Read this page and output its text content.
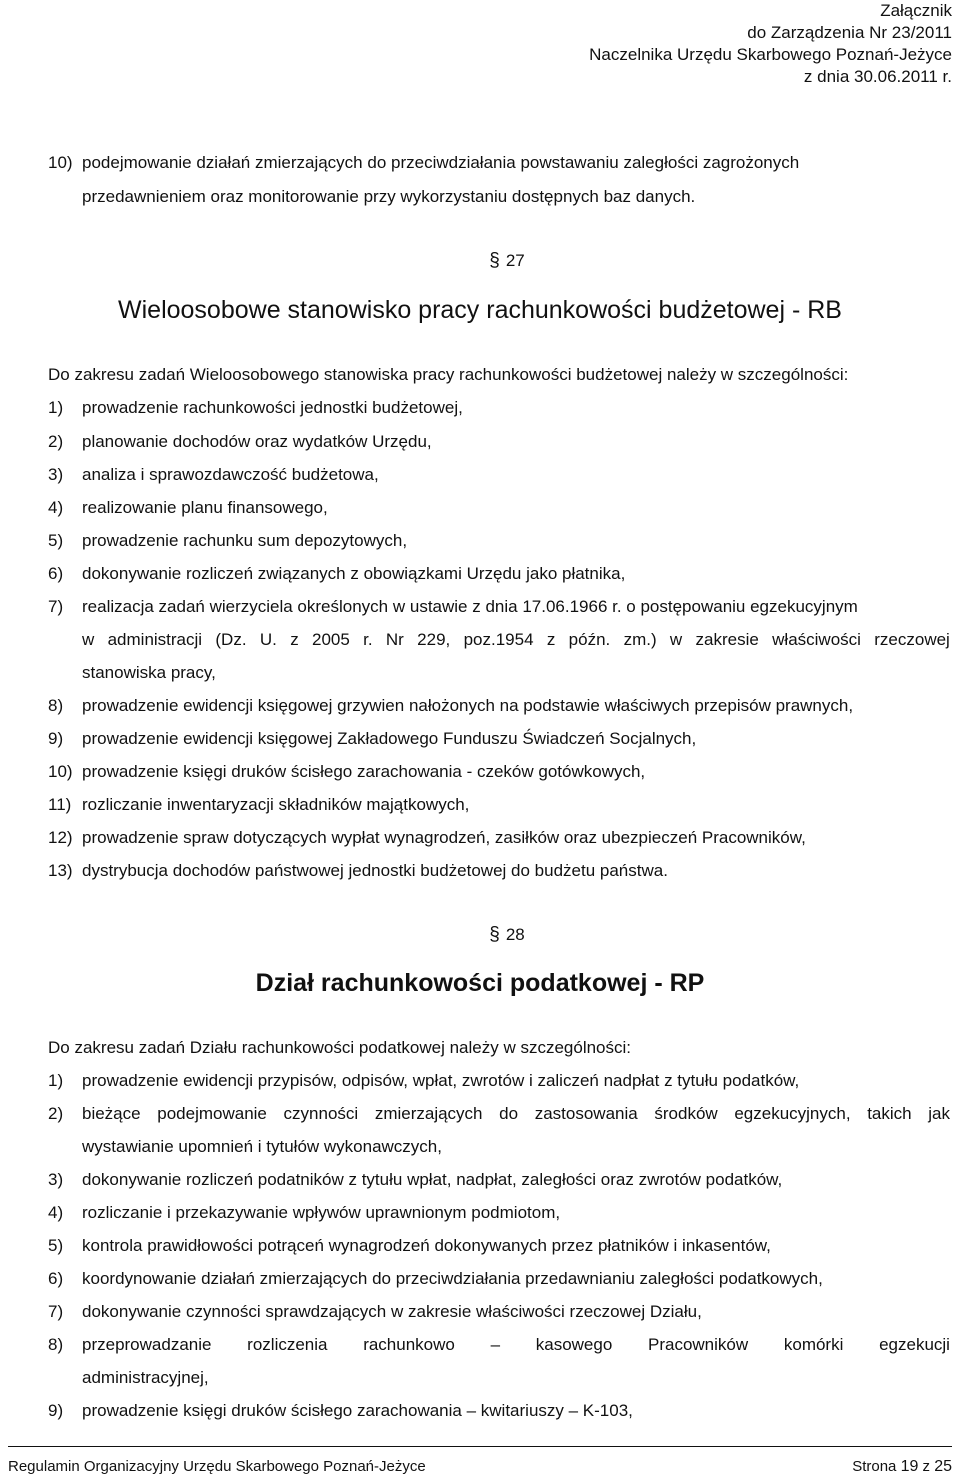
Załącznik
do Zarządzenia Nr 23/2011
Naczelnika Urzędu Skarbowego Poznań-Jeżyce
z dnia 30.06.2011 r.
10) podejmowanie działań zmierzających do przeciwdziałania powstawaniu zaległości zagrożonych
przedawnieniem oraz monitorowanie przy wykorzystaniu dostępnych baz danych.
§ 27
Wieloosobowe stanowisko pracy rachunkowości budżetowej - RB
Do zakresu zadań Wieloosobowego stanowiska pracy rachunkowości budżetowej należy w szczególności:
1) prowadzenie rachunkowości jednostki budżetowej,
2) planowanie dochodów oraz wydatków Urzędu,
3) analiza i sprawozdawczość budżetowa,
4) realizowanie planu finansowego,
5) prowadzenie rachunku sum depozytowych,
6) dokonywanie rozliczeń związanych z obowiązkami Urzędu jako płatnika,
7) realizacja zadań wierzyciela określonych w ustawie z dnia 17.06.1966 r. o postępowaniu egzekucyjnym
w administracji (Dz. U. z 2005 r. Nr 229, poz.1954 z późn. zm.) w zakresie właściwości rzeczowej
stanowiska pracy,
8) prowadzenie ewidencji księgowej grzywien nałożonych na podstawie właściwych przepisów prawnych,
9) prowadzenie ewidencji księgowej Zakładowego Funduszu Świadczeń Socjalnych,
10) prowadzenie księgi druków ścisłego zarachowania - czeków gotówkowych,
11) rozliczanie inwentaryzacji składników majątkowych,
12) prowadzenie spraw dotyczących wypłat wynagrodzeń, zasiłków oraz ubezpieczeń Pracowników,
13) dystrybucja dochodów państwowej jednostki budżetowej do budżetu państwa.
§ 28
Dział rachunkowości podatkowej - RP
Do zakresu zadań Działu rachunkowości podatkowej należy w szczególności:
1) prowadzenie ewidencji przypisów, odpisów, wpłat, zwrotów i zaliczeń nadpłat z tytułu podatków,
2) bieżące podejmowanie czynności zmierzających do zastosowania środków egzekucyjnych, takich jak
wystawianie upomnień i tytułów wykonawczych,
3) dokonywanie rozliczeń podatników z tytułu wpłat, nadpłat, zaległości oraz zwrotów podatków,
4) rozliczanie i przekazywanie wpływów uprawnionym podmiotom,
5) kontrola prawidłowości potrąceń wynagrodzeń dokonywanych przez płatników i inkasentów,
6) koordynowanie działań zmierzających do przeciwdziałania przedawnianiu zaległości podatkowych,
7) dokonywanie czynności sprawdzających w zakresie właściwości rzeczowej Działu,
8) przeprowadzanie rozliczenia rachunkowo – kasowego Pracowników komórki egzekucji
administracyjnej,
9) prowadzenie księgi druków ścisłego zarachowania – kwitariuszy – K-103,
Regulamin Organizacyjny Urzędu Skarbowego Poznań-Jeżyce	Strona 19 z 25
